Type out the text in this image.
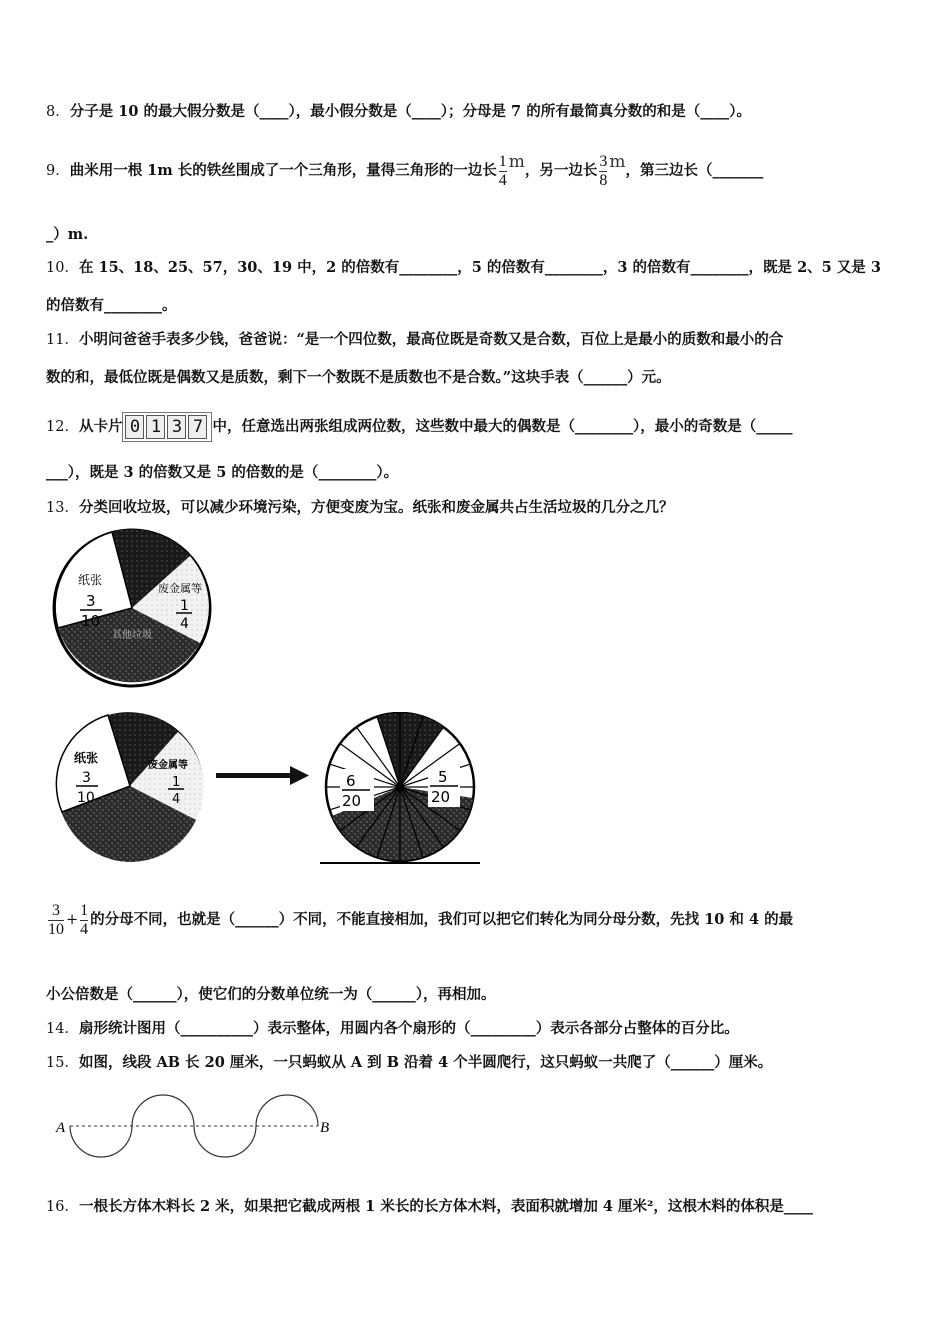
8．分子是 10 的最大假分数是（____），最小假分数是（____）；分母是 7 的所有最简真分数的和是（____）。
9．曲米用一根 1m 长的铁丝围成了一个三角形，量得三角形的一边长 $\frac{1}{4}$ m，另一边长 $\frac{3}{8}$ m，第三边长（_______
_）m.
10．在 15、18、25、57，30、19 中，2 的倍数有________，5 的倍数有________，3 的倍数有________，既是 2、5 又是 3
的倍数有________。
11．小明问爸爸手表多少钱，爸爸说：“是一个四位数，最高位既是奇数又是合数，百位上是最小的质数和最小的合
数的和，最低位既是偶数又是质数，剩下一个数既不是质数也不是合数。”这块手表（______）元。
12．从卡片 0 1 3 7 中，任意选出两张组成两位数，这些数中最大的偶数是（________），最小的奇数是（_____
___），既是 3 的倍数又是 5 的倍数的是（________）。
13．分类回收垃圾，可以减少环境污染，方便变废为宝。纸张和废金属共占生活垃圾的几分之几？
纸张
3
10
废金属等
1
4
其他垃圾
纸张
3
10
废金属等
1
4
6
20
5
20
$\frac{3}{10} + \frac{1}{4}$ 的分母不同，也就是（______）不同，不能直接相加，我们可以把它们转化为同分母分数，先找 10 和 4 的最
小公倍数是（______），使它们的分数单位统一为（______），再相加。
14．扇形统计图用（__________）表示整体，用圆内各个扇形的（_________）表示各部分占整体的百分比。
15．如图，线段 AB 长 20 厘米，一只蚂蚁从 A 到 B 沿着 4 个半圆爬行，这只蚂蚁一共爬了（______）厘米。
A	B
16．一根长方体木料长 2 米，如果把它截成两根 1 米长的长方体木料，表面积就增加 4 厘米²，这根木料的体积是____
